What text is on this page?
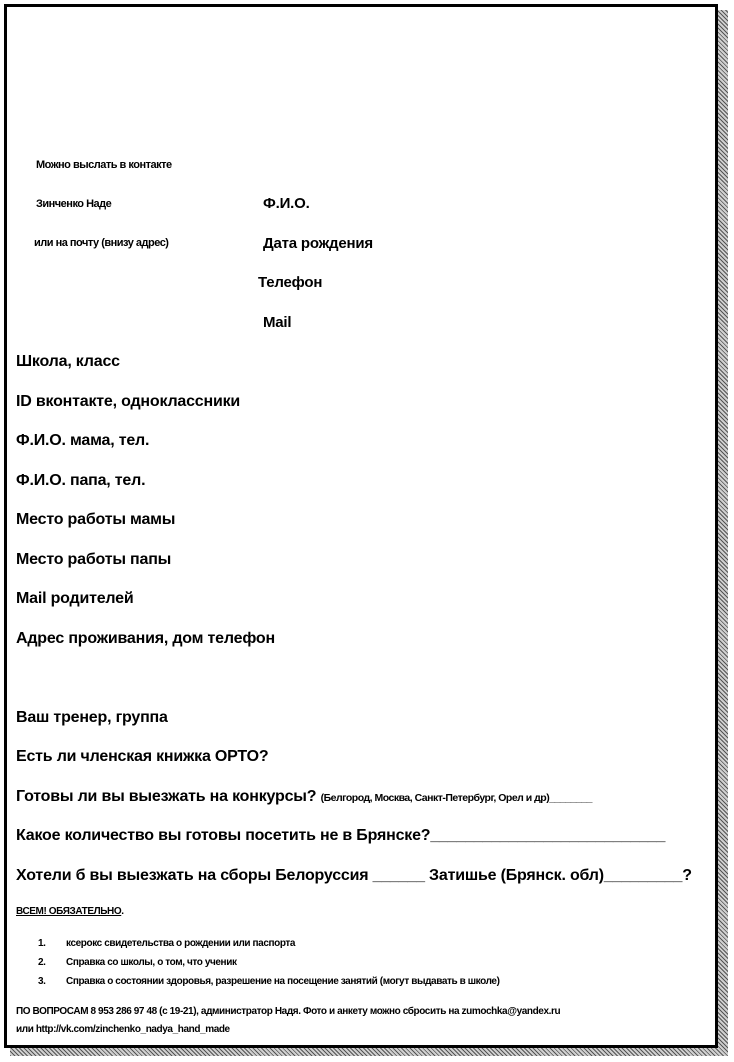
Можно выслать в контакте
Зинченко Наде
или на почту (внизу адрес)
Ф.И.О.
Дата рождения
Телефон
Mail
Школа, класс
ID вконтакте, одноклассники
Ф.И.О. мама, тел.
Ф.И.О. папа, тел.
Место работы мамы
Место работы папы
Mail родителей
Адрес проживания, дом телефон
Ваш тренер, группа
Есть ли членская книжка ОРТО?
Готовы ли вы выезжать на конкурсы? (Белгород, Москва, Санкт-Петербург, Орел и др)________
Какое количество вы готовы посетить не в Брянске?___________________________
Хотели б вы выезжать на сборы Белоруссия ______ Затишье (Брянск. обл)_________?
ВСЕМ! ОБЯЗАТЕЛЬНО.
1. ксерокс свидетельства о рождении или паспорта
2. Справка со школы, о том, что ученик
3. Справка о состоянии здоровья, разрешение на посещение занятий (могут выдавать в школе)
ПО ВОПРОСАМ 8 953 286 97 48 (с 19-21), администратор Надя. Фото и анкету можно сбросить на zumochka@yandex.ru
или http://vk.com/zinchenko_nadya_hand_made
